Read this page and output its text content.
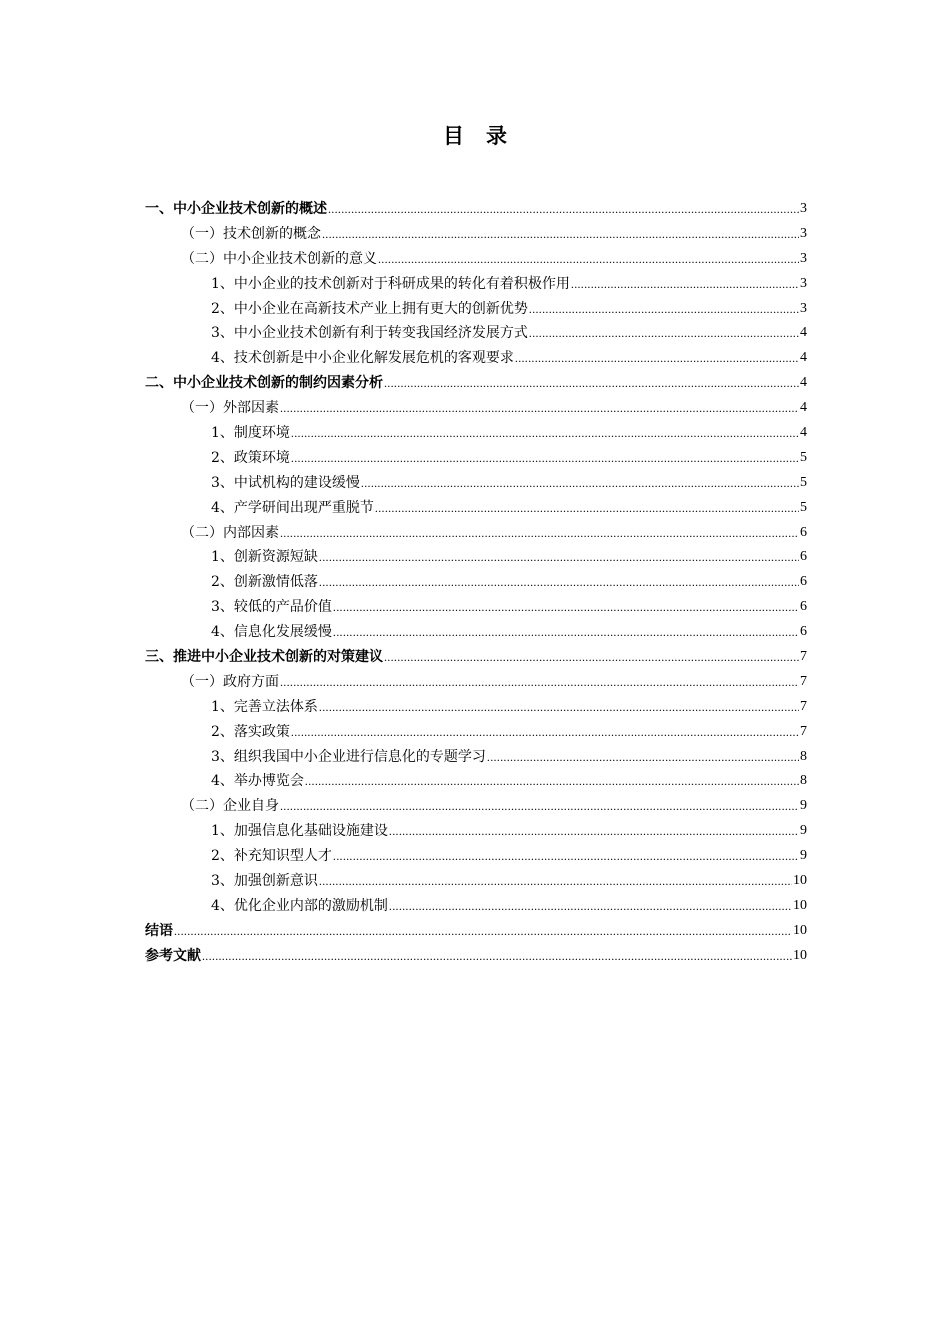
目 录
一、中小企业技术创新的概述 .....	3
（一）技术创新的概念 .....	3
（二）中小企业技术创新的意义 .....	3
1、中小企业的技术创新对于科研成果的转化有着积极作用 .....	3
2、中小企业在高新技术产业上拥有更大的创新优势 .....	3
3、中小企业技术创新有利于转变我国经济发展方式 .....	4
4、技术创新是中小企业化解发展危机的客观要求 .....	4
二、中小企业技术创新的制约因素分析 .....	4
（一）外部因素 .....	4
1、制度环境 .....	4
2、政策环境 .....	5
3、中试机构的建设缓慢 .....	5
4、产学研间出现严重脱节 .....	5
（二）内部因素 .....	6
1、创新资源短缺 .....	6
2、创新激情低落 .....	6
3、较低的产品价值 .....	6
4、信息化发展缓慢 .....	6
三、推进中小企业技术创新的对策建议 .....	7
（一）政府方面 .....	7
1、完善立法体系 .....	7
2、落实政策 .....	7
3、组织我国中小企业进行信息化的专题学习 .....	8
4、举办博览会 .....	8
（二）企业自身 .....	9
1、加强信息化基础设施建设 .....	9
2、补充知识型人才 .....	9
3、加强创新意识 .....	10
4、优化企业内部的激励机制 .....	10
结语 .....	10
参考文献 .....	10
